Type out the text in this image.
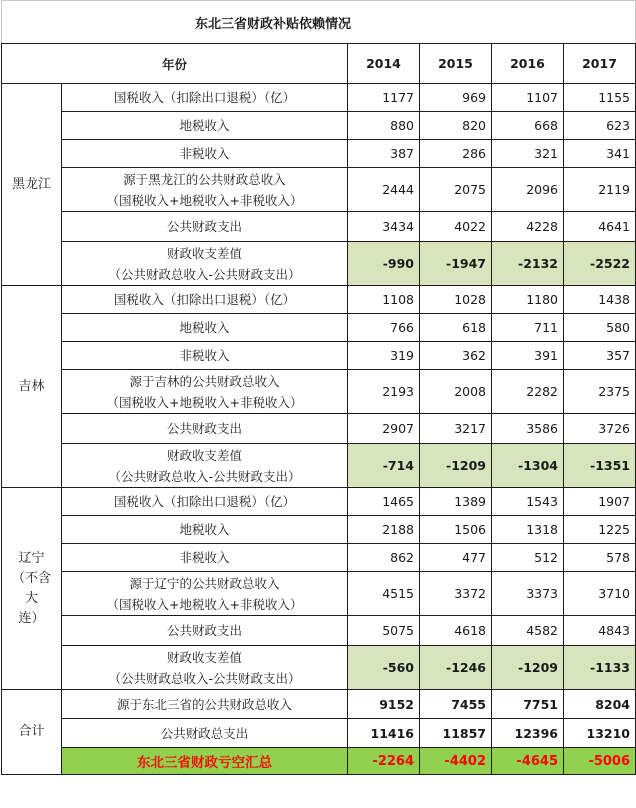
东北三省财政补贴依赖情况					
年份		2014	2015	2016	2017

黑龙江	国税收入（扣除出口退税）（亿）	1177	969	1107	1155

	地税收入	880	820	668	623

	非税收入	387	286	321	341

	源于黑龙江的公共财政总收入
（国税收入+地税收入+非税收入）	2444	2075	2096	2119

	公共财政支出	3434	4022	4228	4641

	财政收支差值
（公共财政总收入-公共财政支出）	-990	-1947	-2132	-2522

吉林	国税收入（扣除出口退税）（亿）	1108	1028	1180	1438

	地税收入	766	618	711	580

	非税收入	319	362	391	357

	源于吉林的公共财政总收入
（国税收入+地税收入+非税收入）	2193	2008	2282	2375

	公共财政支出	2907	3217	3586	3726

	财政收支差值
（公共财政总收入-公共财政支出）	-714	-1209	-1304	-1351

辽宁
（不含大
连）	国税收入（扣除出口退税）（亿）	1465	1389	1543	1907

	地税收入	2188	1506	1318	1225

	非税收入	862	477	512	578

	源于辽宁的公共财政总收入
（国税收入+地税收入+非税收入）	4515	3372	3373	3710

	公共财政支出	5075	4618	4582	4843

	财政收支差值
（公共财政总收入-公共财政支出）	-560	-1246	-1209	-1133
合计	源于东北三省的公共财政总收入	9152	7455	7751	8204
	公共财政总支出	11416	11857	12396	13210
	东北三省财政亏空汇总	-2264	-4402	-4645	-5006
